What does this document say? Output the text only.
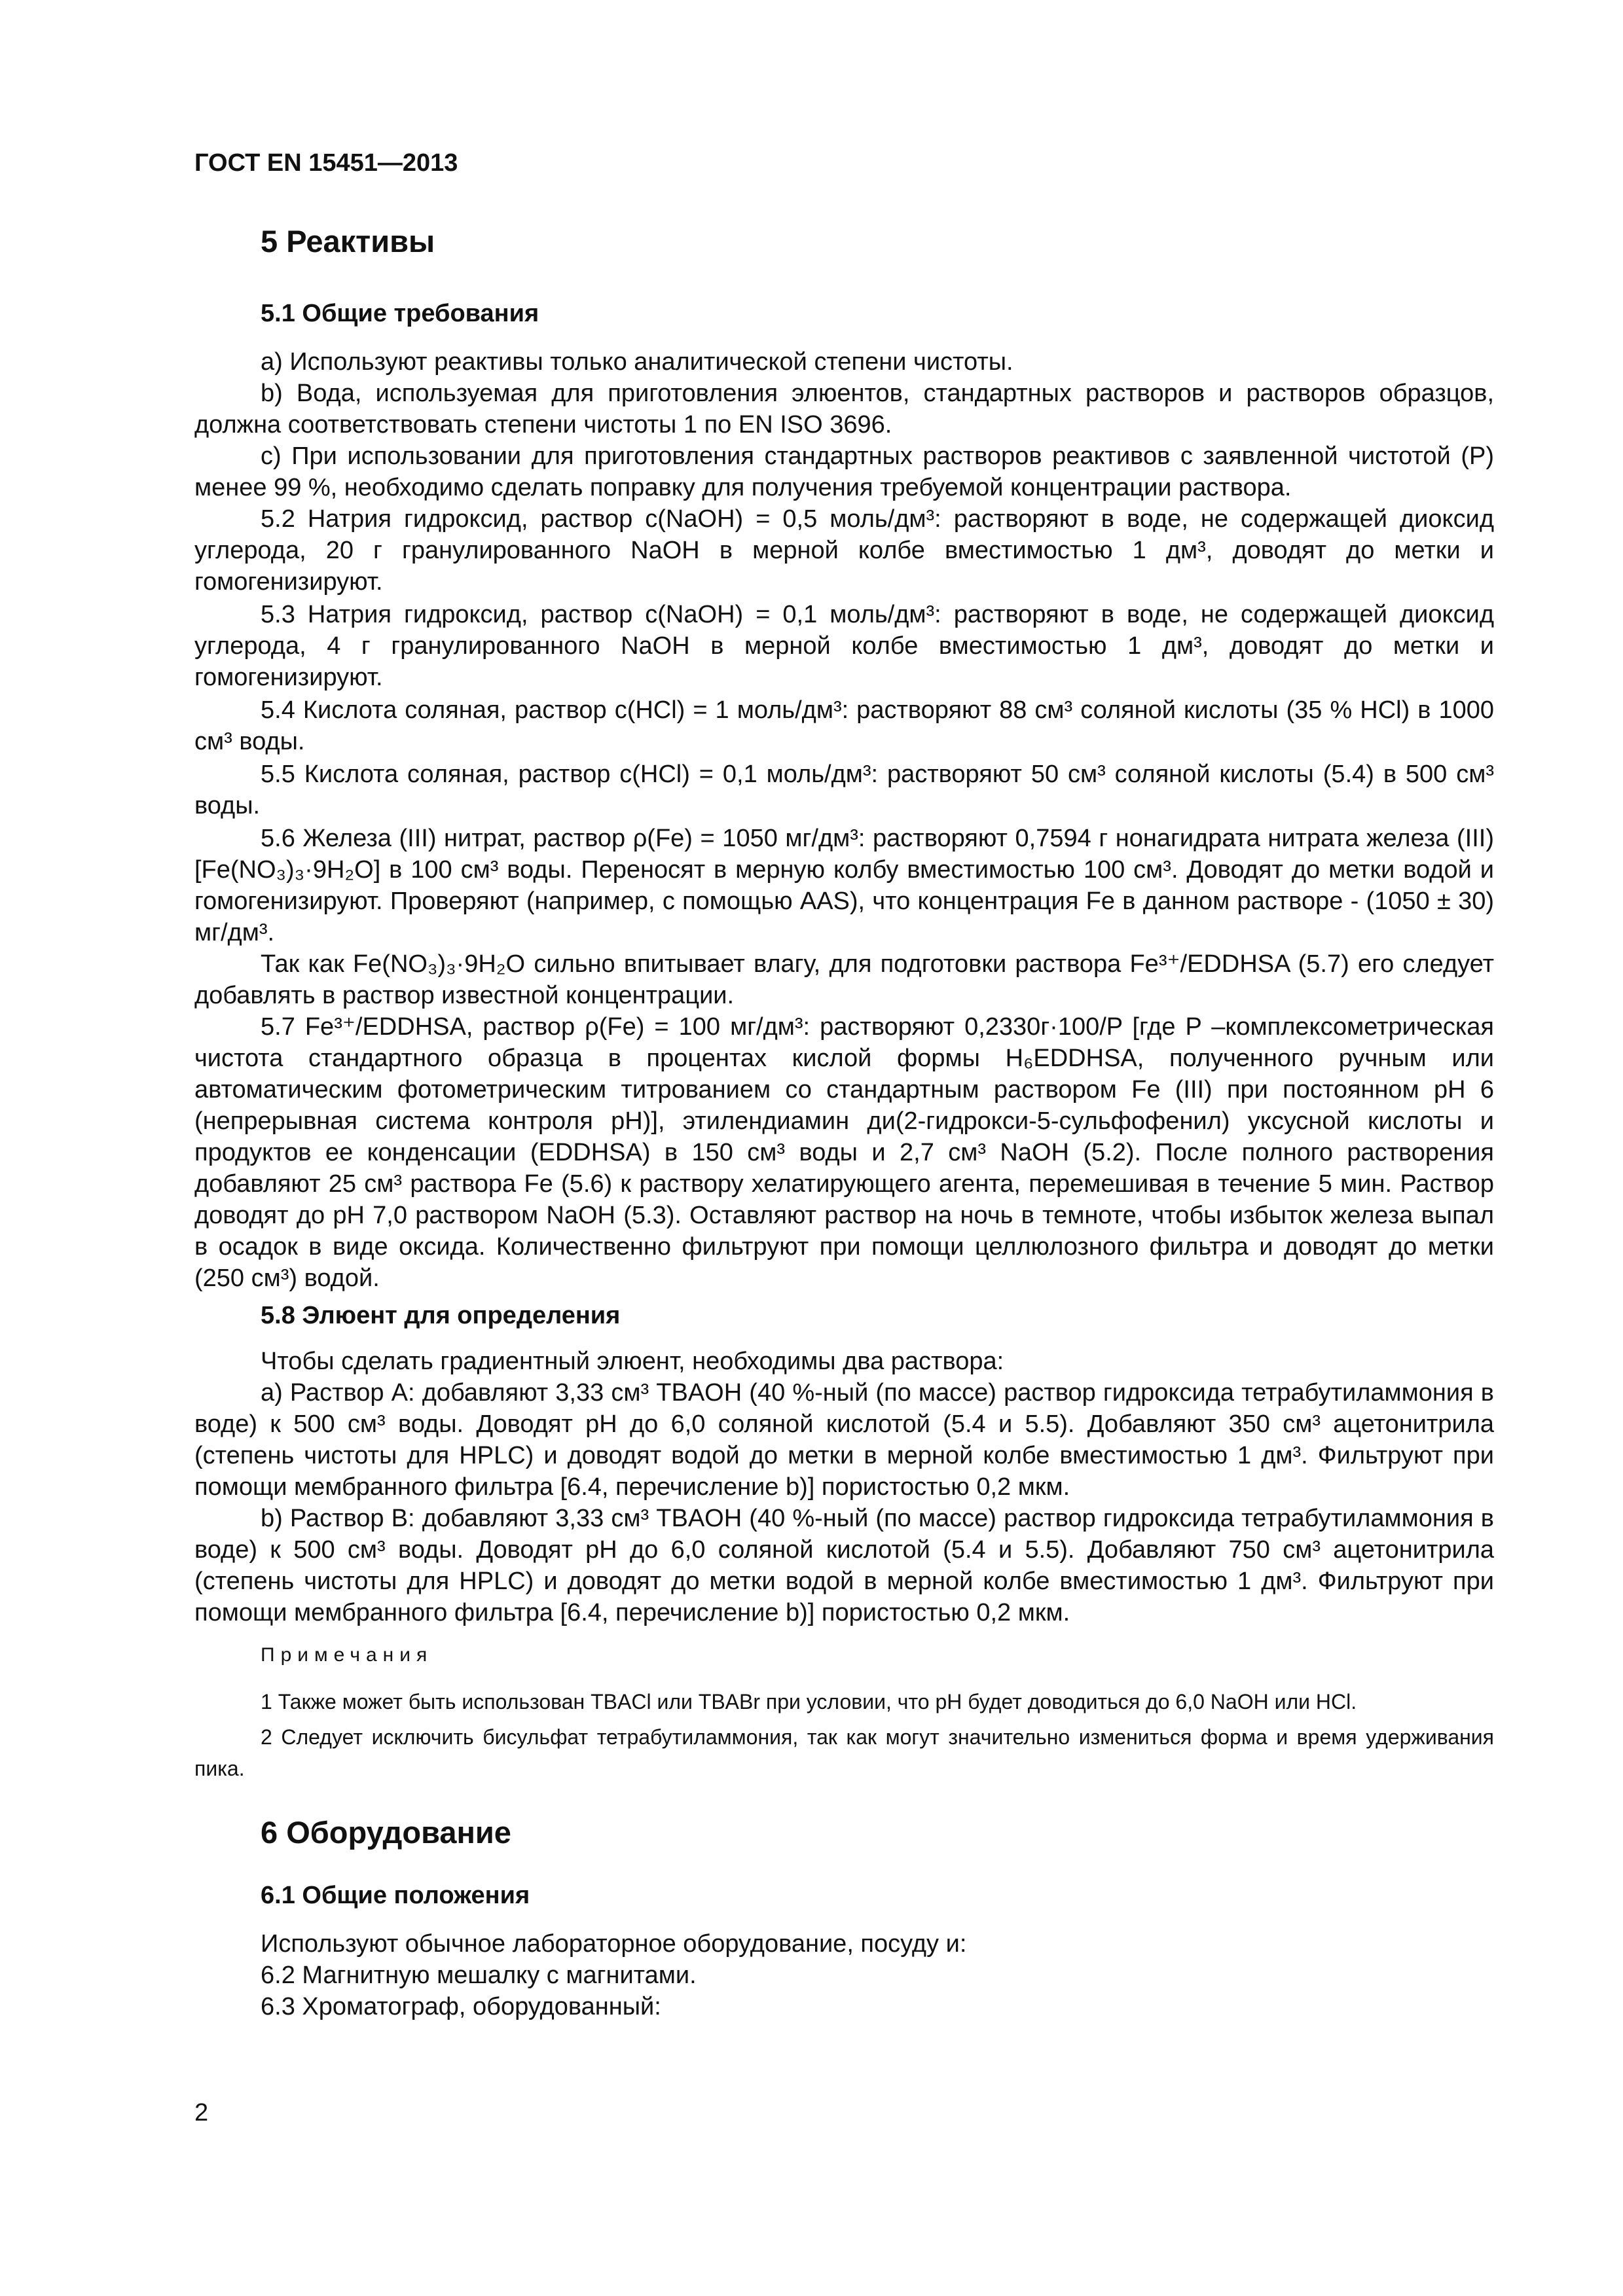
ГОСТ EN 15451—2013
5 Реактивы
5.1 Общие требования

a) Используют реактивы только аналитической степени чистоты.

b) Вода, используемая для приготовления элюентов, стандартных растворов и растворов образцов, должна соответствовать степени чистоты 1 по EN ISO 3696.

c) При использовании для приготовления стандартных растворов реактивов с заявленной чистотой (P) менее 99 %, необходимо сделать поправку для получения требуемой концентрации раствора.

5.2 Натрия гидроксид, раствор с(NaOH) = 0,5 моль/дм³: растворяют в воде, не содержащей диоксид углерода, 20 г гранулированного NaOH в мерной колбе вместимостью 1 дм³, доводят до метки и гомогенизируют.

5.3 Натрия гидроксид, раствор с(NaOH) = 0,1 моль/дм³: растворяют в воде, не содержащей диоксид углерода, 4 г гранулированного NaOH в мерной колбе вместимостью 1 дм³, доводят до метки и гомогенизируют.

5.4 Кислота соляная, раствор с(HCl) = 1 моль/дм³: растворяют 88 см³ соляной кислоты (35 % HCl) в 1000 см³ воды.

5.5 Кислота соляная, раствор с(HCl) = 0,1 моль/дм³: растворяют 50 см³ соляной кислоты (5.4) в 500 см³ воды.

5.6 Железа (III) нитрат, раствор ρ(Fe) = 1050 мг/дм³: растворяют 0,7594 г нонагидрата нитрата железа (III) [Fe(NO₃)₃·9H₂O] в 100 см³ воды. Переносят в мерную колбу вместимостью 100 см³. Доводят до метки водой и гомогенизируют. Проверяют (например, с помощью AAS), что концентрация Fe в данном растворе - (1050 ± 30) мг/дм³.

Так как Fe(NO₃)₃·9H₂O сильно впитывает влагу, для подготовки раствора Fe³⁺/EDDHSA (5.7) его следует добавлять в раствор известной концентрации.

5.7 Fe³⁺/EDDHSA, раствор ρ(Fe) = 100 мг/дм³: растворяют 0,2330г·100/P [где P –комплексометрическая чистота стандартного образца в процентах кислой формы H₆EDDHSA, полученного ручным или автоматическим фотометрическим титрованием со стандартным раствором Fe (III) при постоянном pH 6 (непрерывная система контроля pH)], этилендиамин ди(2-гидрокси-5-сульфофенил) уксусной кислоты и продуктов ее конденсации (EDDHSA) в 150 см³ воды и 2,7 см³ NaOH (5.2). После полного растворения добавляют 25 см³ раствора Fe (5.6) к раствору хелатирующего агента, перемешивая в течение 5 мин. Раствор доводят до pH 7,0 раствором NaOH (5.3). Оставляют раствор на ночь в темноте, чтобы избыток железа выпал в осадок в виде оксида. Количественно фильтруют при помощи целлюлозного фильтра и доводят до метки (250 см³) водой.

5.8 Элюент для определения

Чтобы сделать градиентный элюент, необходимы два раствора:

a) Раствор A: добавляют 3,33 см³ TBAOH (40 %-ный (по массе) раствор гидроксида тетрабутиламмония в воде) к 500 см³ воды. Доводят pH до 6,0 соляной кислотой (5.4 и 5.5). Добавляют 350 см³ ацетонитрила (степень чистоты для HPLC) и доводят водой до метки в мерной колбе вместимостью 1 дм³. Фильтруют при помощи мембранного фильтра [6.4, перечисление b)] пористостью 0,2 мкм.

b) Раствор B: добавляют 3,33 см³ TBAOH (40 %-ный (по массе) раствор гидроксида тетрабутиламмония в воде) к 500 см³ воды. Доводят pH до 6,0 соляной кислотой (5.4 и 5.5). Добавляют 750 см³ ацетонитрила (степень чистоты для HPLC) и доводят до метки водой в мерной колбе вместимостью 1 дм³. Фильтруют при помощи мембранного фильтра [6.4, перечисление b)] пористостью 0,2 мкм.

Примечания

1 Также может быть использован TBACl или TBABr при условии, что pH будет доводиться до 6,0 NaOH или HCl.

2 Следует исключить бисульфат тетрабутиламмония, так как могут значительно измениться форма и время удерживания пика.

6 Оборудование
6.1 Общие положения
Используют обычное лабораторное оборудование, посуду и:
6.2 Магнитную мешалку с магнитами.
6.3 Хроматограф, оборудованный:
2
